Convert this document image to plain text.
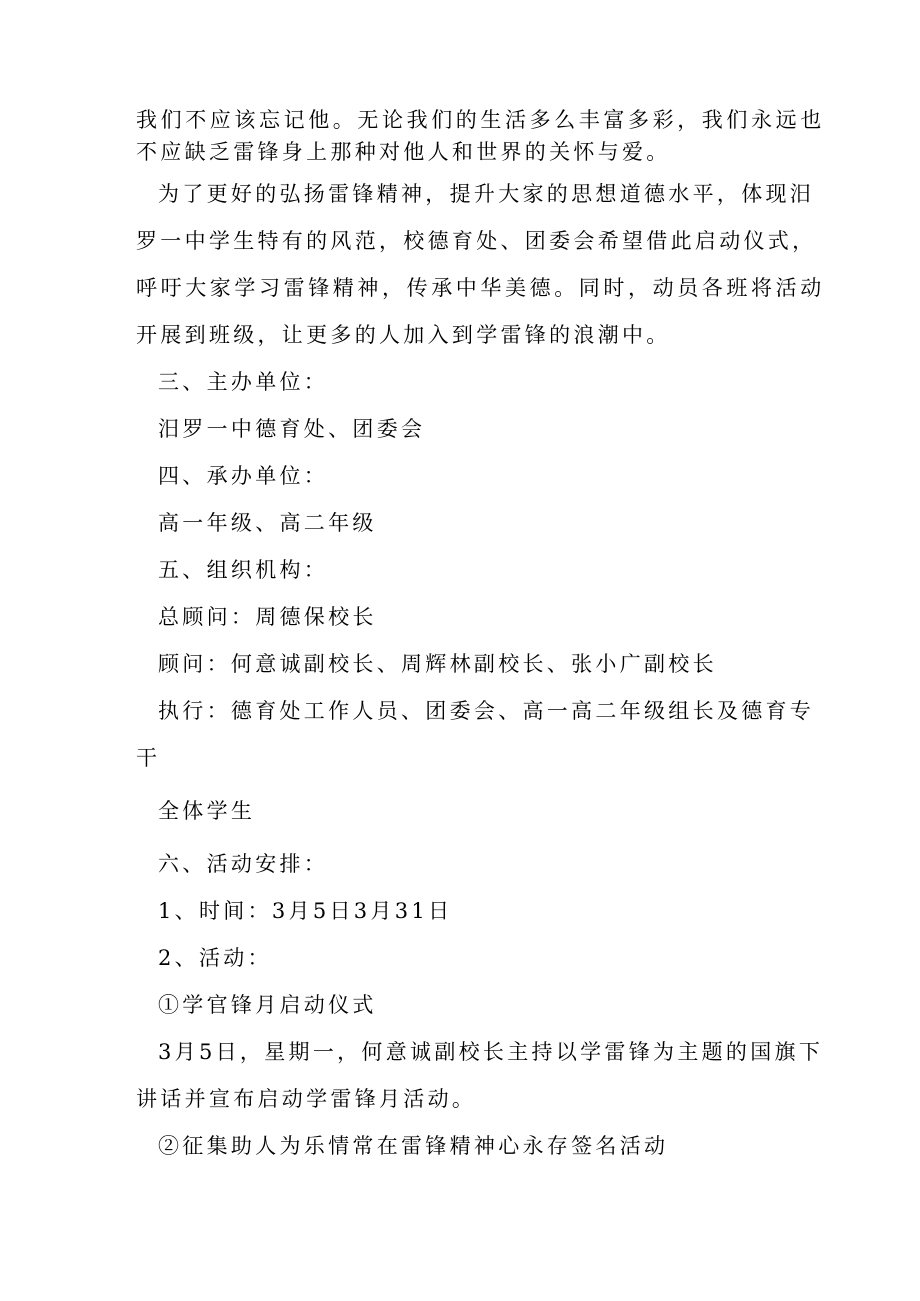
我们不应该忘记他。无论我们的生活多么丰富多彩，我们永远也
不应缺乏雷锋身上那种对他人和世界的关怀与爱。
为了更好的弘扬雷锋精神，提升大家的思想道德水平，体现汨
罗一中学生特有的风范，校德育处、团委会希望借此启动仪式，
呼吁大家学习雷锋精神，传承中华美德。同时，动员各班将活动
开展到班级，让更多的人加入到学雷锋的浪潮中。
三、主办单位：
汨罗一中德育处、团委会
四、承办单位：
高一年级、高二年级
五、组织机构：
总顾问：周德保校长
顾问：何意诚副校长、周辉林副校长、张小广副校长
执行：德育处工作人员、团委会、高一高二年级组长及德育专
干
全体学生
六、活动安排：
1、时间：3月5日3月31日
2、活动：
①学官锋月启动仪式
3月5日，星期一，何意诚副校长主持以学雷锋为主题的国旗下
讲话并宣布启动学雷锋月活动。
②征集助人为乐情常在雷锋精神心永存签名活动
